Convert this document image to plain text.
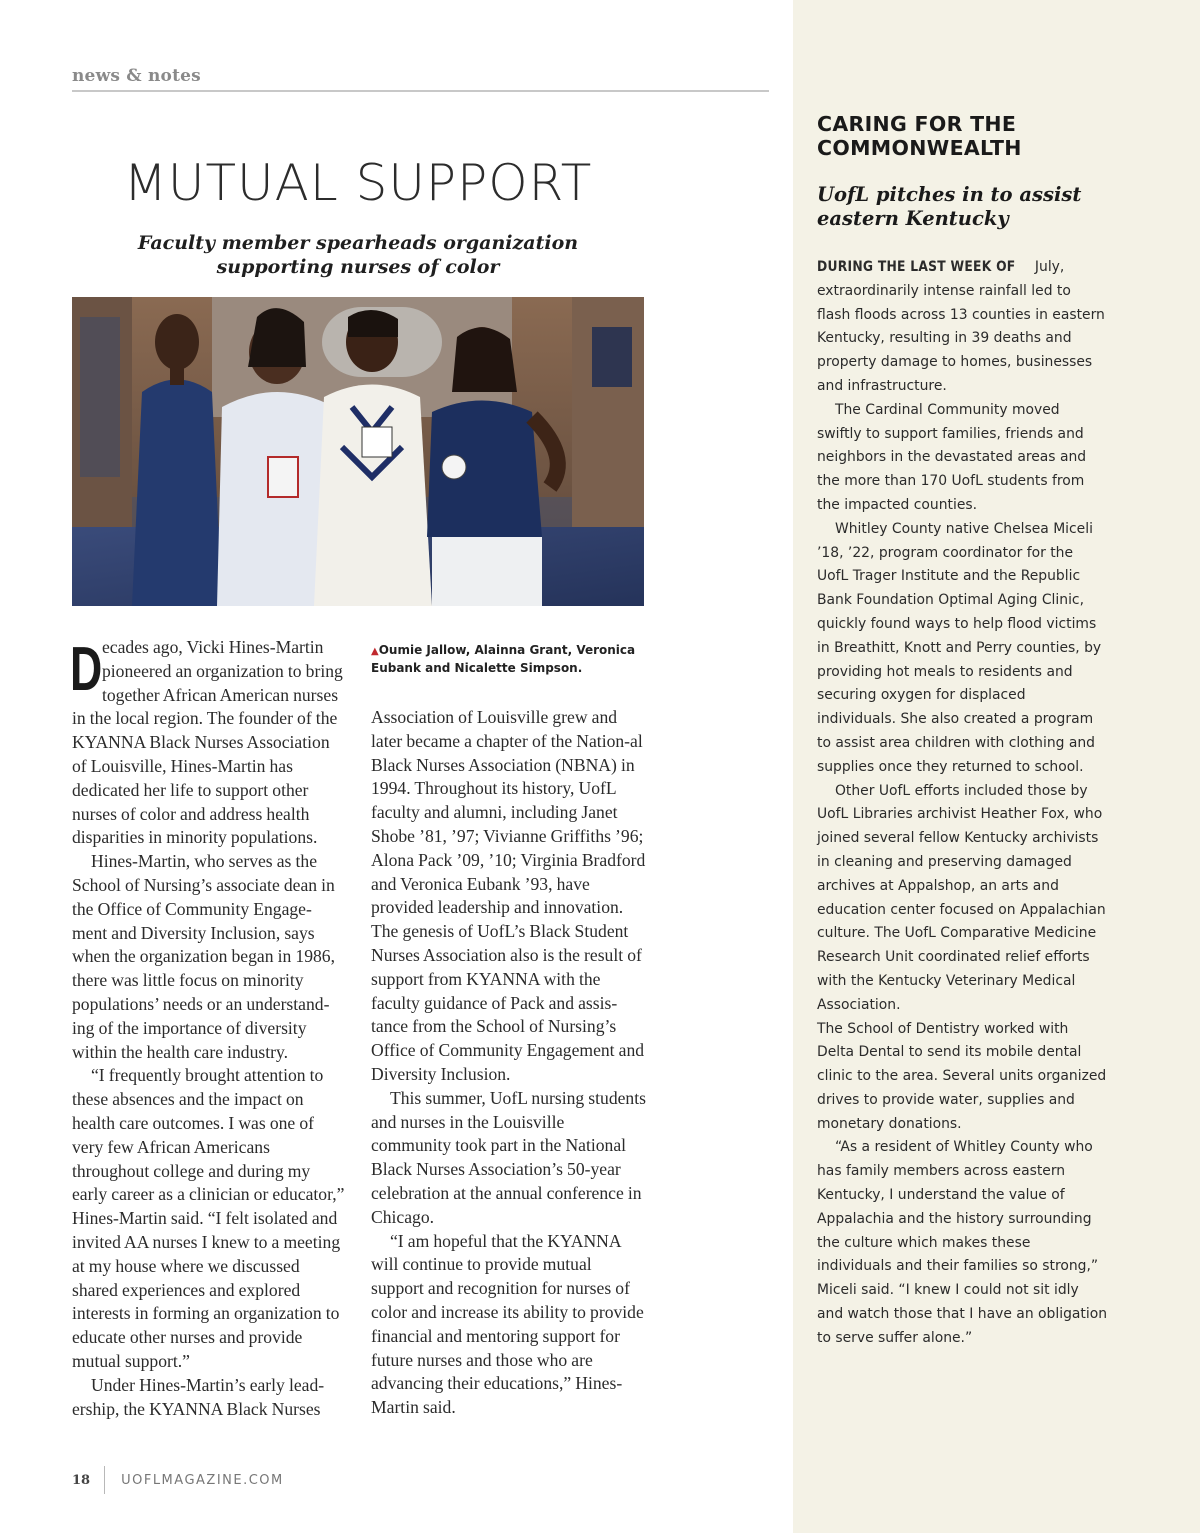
news & notes
MUTUAL SUPPORT
Faculty member spearheads organization
supporting nurses of color
▲Oumie Jallow, Alainna Grant, Veronica Eubank and Nicalette Simpson.

Decades ago, Vicki Hines-Martin pioneered an organization to bring together African American nurses in the local region. The founder of the KYANNA Black Nurses Association of Louisville, Hines-Martin has dedicated her life to support other nurses of color and address health disparities in minority populations.

Hines-Martin, who serves as the School of Nursing’s associate dean in the Office of Community Engage-ment and Diversity Inclusion, says when the organization began in 1986, there was little focus on minority populations’ needs or an understand-ing of the importance of diversity within the health care industry.

“I frequently brought attention to these absences and the impact on health care outcomes. I was one of very few African Americans throughout college and during my early career as a clinician or educator,” Hines-Martin said. “I felt isolated and invited AA nurses I knew to a meeting at my house where we discussed shared experiences and explored interests in forming an organization to educate other nurses and provide mutual support.”

Under Hines-Martin’s early lead-ership, the KYANNA Black Nurses

Association of Louisville grew and later became a chapter of the Nation-al Black Nurses Association (NBNA) in 1994. Throughout its history, UofL faculty and alumni, including Janet Shobe ’81, ’97; Vivianne Griffiths ’96; Alona Pack ’09, ’10; Virginia Bradford and Veronica Eubank ’93, have provided leadership and innovation. The genesis of UofL’s Black Student Nurses Association also is the result of support from KYANNA with the faculty guidance of Pack and assis-tance from the School of Nursing’s Office of Community Engagement and Diversity Inclusion.

This summer, UofL nursing students and nurses in the Louisville community took part in the National Black Nurses Association’s 50-year celebration at the annual conference in Chicago.

“I am hopeful that the KYANNA will continue to provide mutual support and recognition for nurses of color and increase its ability to provide financial and mentoring support for future nurses and those who are advancing their educations,” Hines-Martin said.

CARING FOR THE
COMMONWEALTH
UofL pitches in to assist
eastern Kentucky

DURING THE LAST WEEK OF July, extraordinarily intense rainfall led to flash floods across 13 counties in eastern Kentucky, resulting in 39 deaths and property damage to homes, businesses and infrastructure.

The Cardinal Community moved swiftly to support families, friends and neighbors in the devastated areas and the more than 170 UofL students from the impacted counties.

Whitley County native Chelsea Miceli ’18, ’22, program coordinator for the UofL Trager Institute and the Republic Bank Foundation Optimal Aging Clinic, quickly found ways to help flood victims in Breathitt, Knott and Perry counties, by providing hot meals to residents and securing oxygen for displaced individuals. She also created a program to assist area children with clothing and supplies once they returned to school.

Other UofL efforts included those by UofL Libraries archivist Heather Fox, who joined several fellow Kentucky archivists in cleaning and preserving damaged archives at Appalshop, an arts and education center focused on Appalachian culture. The UofL Comparative Medicine Research Unit coordinated relief efforts with the Kentucky Veterinary Medical Association.

The School of Dentistry worked with Delta Dental to send its mobile dental clinic to the area. Several units organized drives to provide water, supplies and monetary donations.

“As a resident of Whitley County who has family members across eastern Kentucky, I understand the value of Appalachia and the history surrounding the culture which makes these individuals and their families so strong,” Miceli said. “I knew I could not sit idly and watch those that I have an obligation to serve suffer alone.”

18 UOFLMAGAZINE.COM
